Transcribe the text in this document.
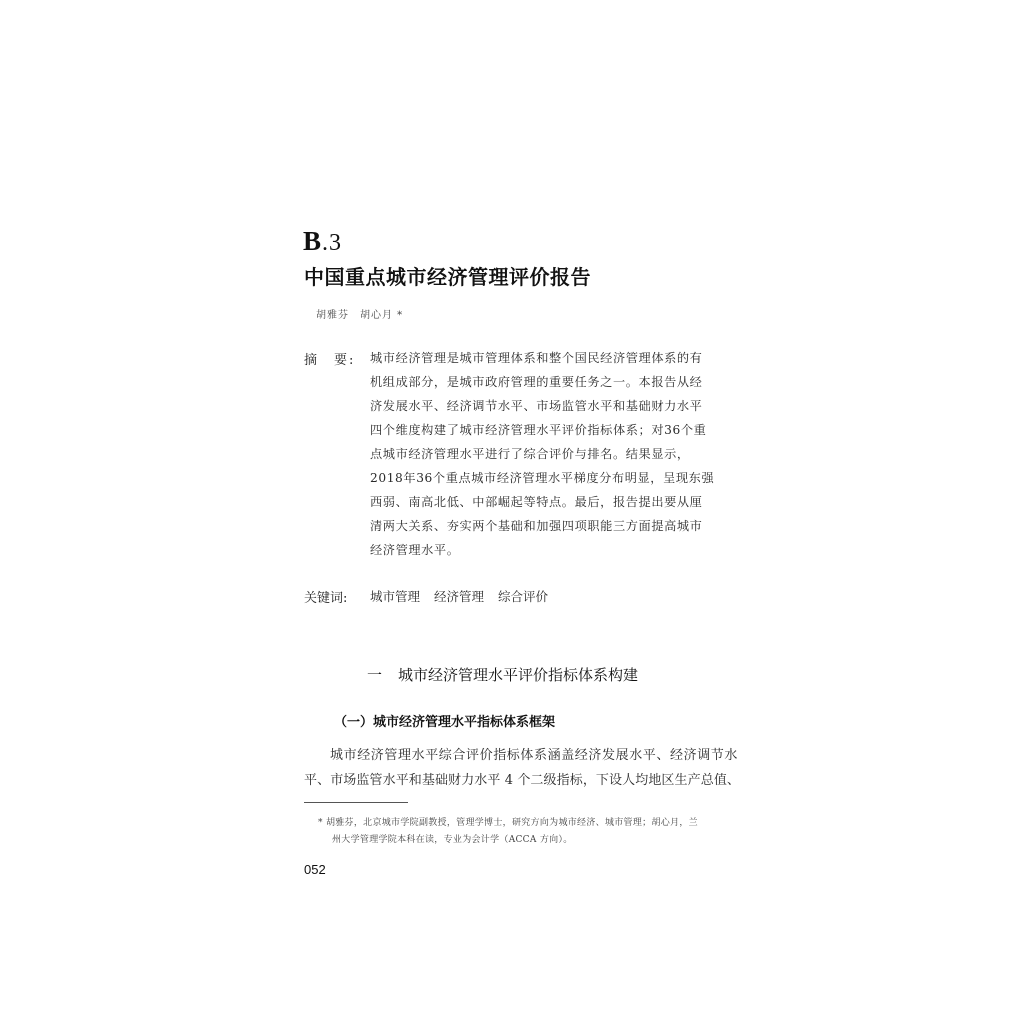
B.3
中国重点城市经济管理评价报告
胡雅芬　胡心月 *
摘　要: 城市经济管理是城市管理体系和整个国民经济管理体系的有
机组成部分，是城市政府管理的重要任务之一。本报告从经
济发展水平、经济调节水平、市场监管水平和基础财力水平
四个维度构建了城市经济管理水平评价指标体系；对36个重
点城市经济管理水平进行了综合评价与排名。结果显示，
2018年36个重点城市经济管理水平梯度分布明显，呈现东强
西弱、南高北低、中部崛起等特点。最后，报告提出要从厘
清两大关系、夯实两个基础和加强四项职能三方面提高城市
经济管理水平。
关键词: 城市管理 经济管理 综合评价
一 城市经济管理水平评价指标体系构建
（一）城市经济管理水平指标体系框架
城市经济管理水平综合评价指标体系涵盖经济发展水平、经济调节水
平、市场监管水平和基础财力水平 4 个二级指标，下设人均地区生产总值、
* 胡雅芬，北京城市学院副教授，管理学博士，研究方向为城市经济、城市管理；胡心月，兰
州大学管理学院本科在读，专业为会计学（ACCA 方向）。
052
